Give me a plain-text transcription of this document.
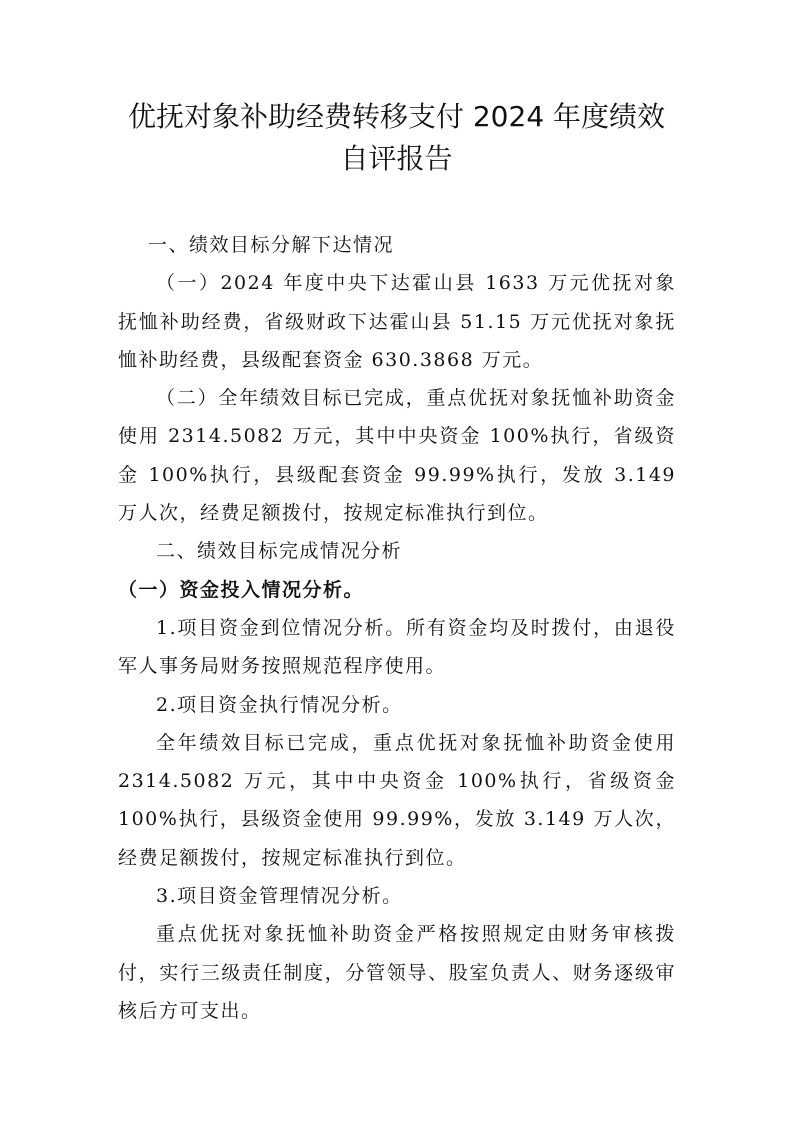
优抚对象补助经费转移支付 2024 年度绩效
自评报告

一、绩效目标分解下达情况

（一）2024 年度中央下达霍山县 1633 万元优抚对象抚恤补助经费，省级财政下达霍山县 51.15 万元优抚对象抚恤补助经费，县级配套资金 630.3868 万元。

（二）全年绩效目标已完成，重点优抚对象抚恤补助资金使用 2314.5082 万元，其中中央资金 100%执行，省级资金 100%执行，县级配套资金 99.99%执行，发放 3.149 万人次，经费足额拨付，按规定标准执行到位。

二、绩效目标完成情况分析

（一）资金投入情况分析。

1.项目资金到位情况分析。所有资金均及时拨付，由退役军人事务局财务按照规范程序使用。

2.项目资金执行情况分析。

全年绩效目标已完成，重点优抚对象抚恤补助资金使用 2314.5082 万元，其中中央资金 100%执行，省级资金 100%执行，县级资金使用 99.99%，发放 3.149 万人次，经费足额拨付，按规定标准执行到位。

3.项目资金管理情况分析。

重点优抚对象抚恤补助资金严格按照规定由财务审核拨付，实行三级责任制度，分管领导、股室负责人、财务逐级审核后方可支出。
